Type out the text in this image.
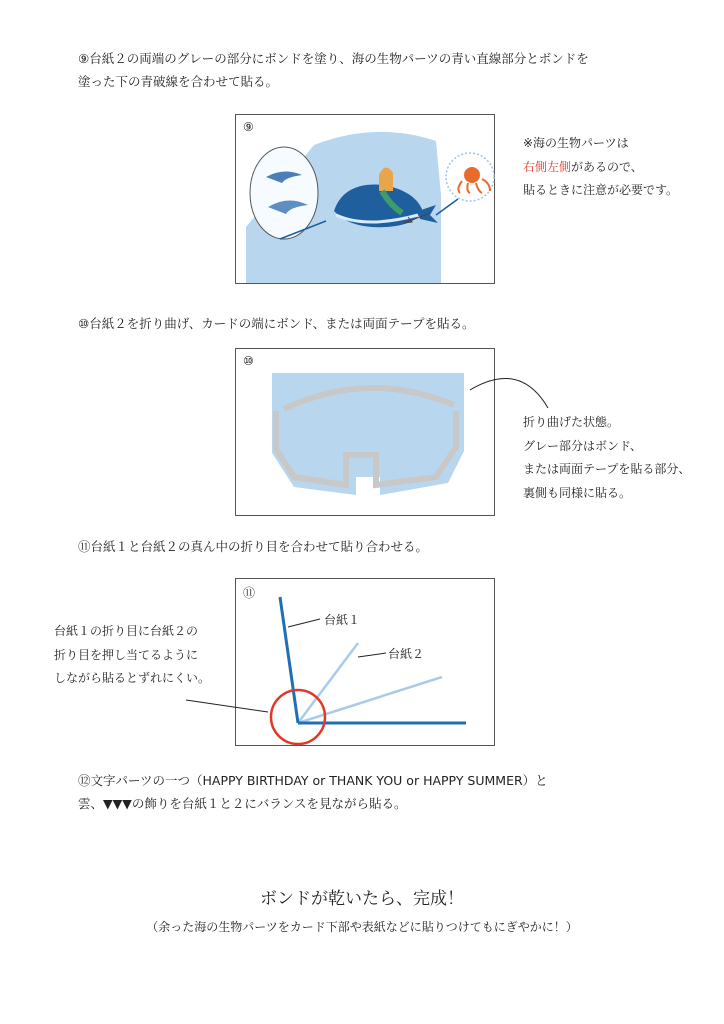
⑨台紙２の両端のグレーの部分にボンドを塗り、海の生物パーツの青い直線部分とボンドを
塗った下の青破線を合わせて貼る。
⑨
※海の生物パーツは
右側左側があるので、
貼るときに注意が必要です。
⑩台紙２を折り曲げ、カードの端にボンド、または両面テープを貼る。
⑩
折り曲げた状態。
グレー部分はボンド、
または両面テープを貼る部分、
裏側も同様に貼る。
⑪台紙１と台紙２の真ん中の折り目を合わせて貼り合わせる。
⑪
台紙１
台紙２
台紙１の折り目に台紙２の
折り目を押し当てるように
しながら貼るとずれにくい。
⑫文字パーツの一つ（HAPPY BIRTHDAY or THANK YOU or HAPPY SUMMER）と
雲、▼▼▼の飾りを台紙１と２にバランスを見ながら貼る。
ボンドが乾いたら、完成！
（余った海の生物パーツをカード下部や表紙などに貼りつけてもにぎやかに！）
